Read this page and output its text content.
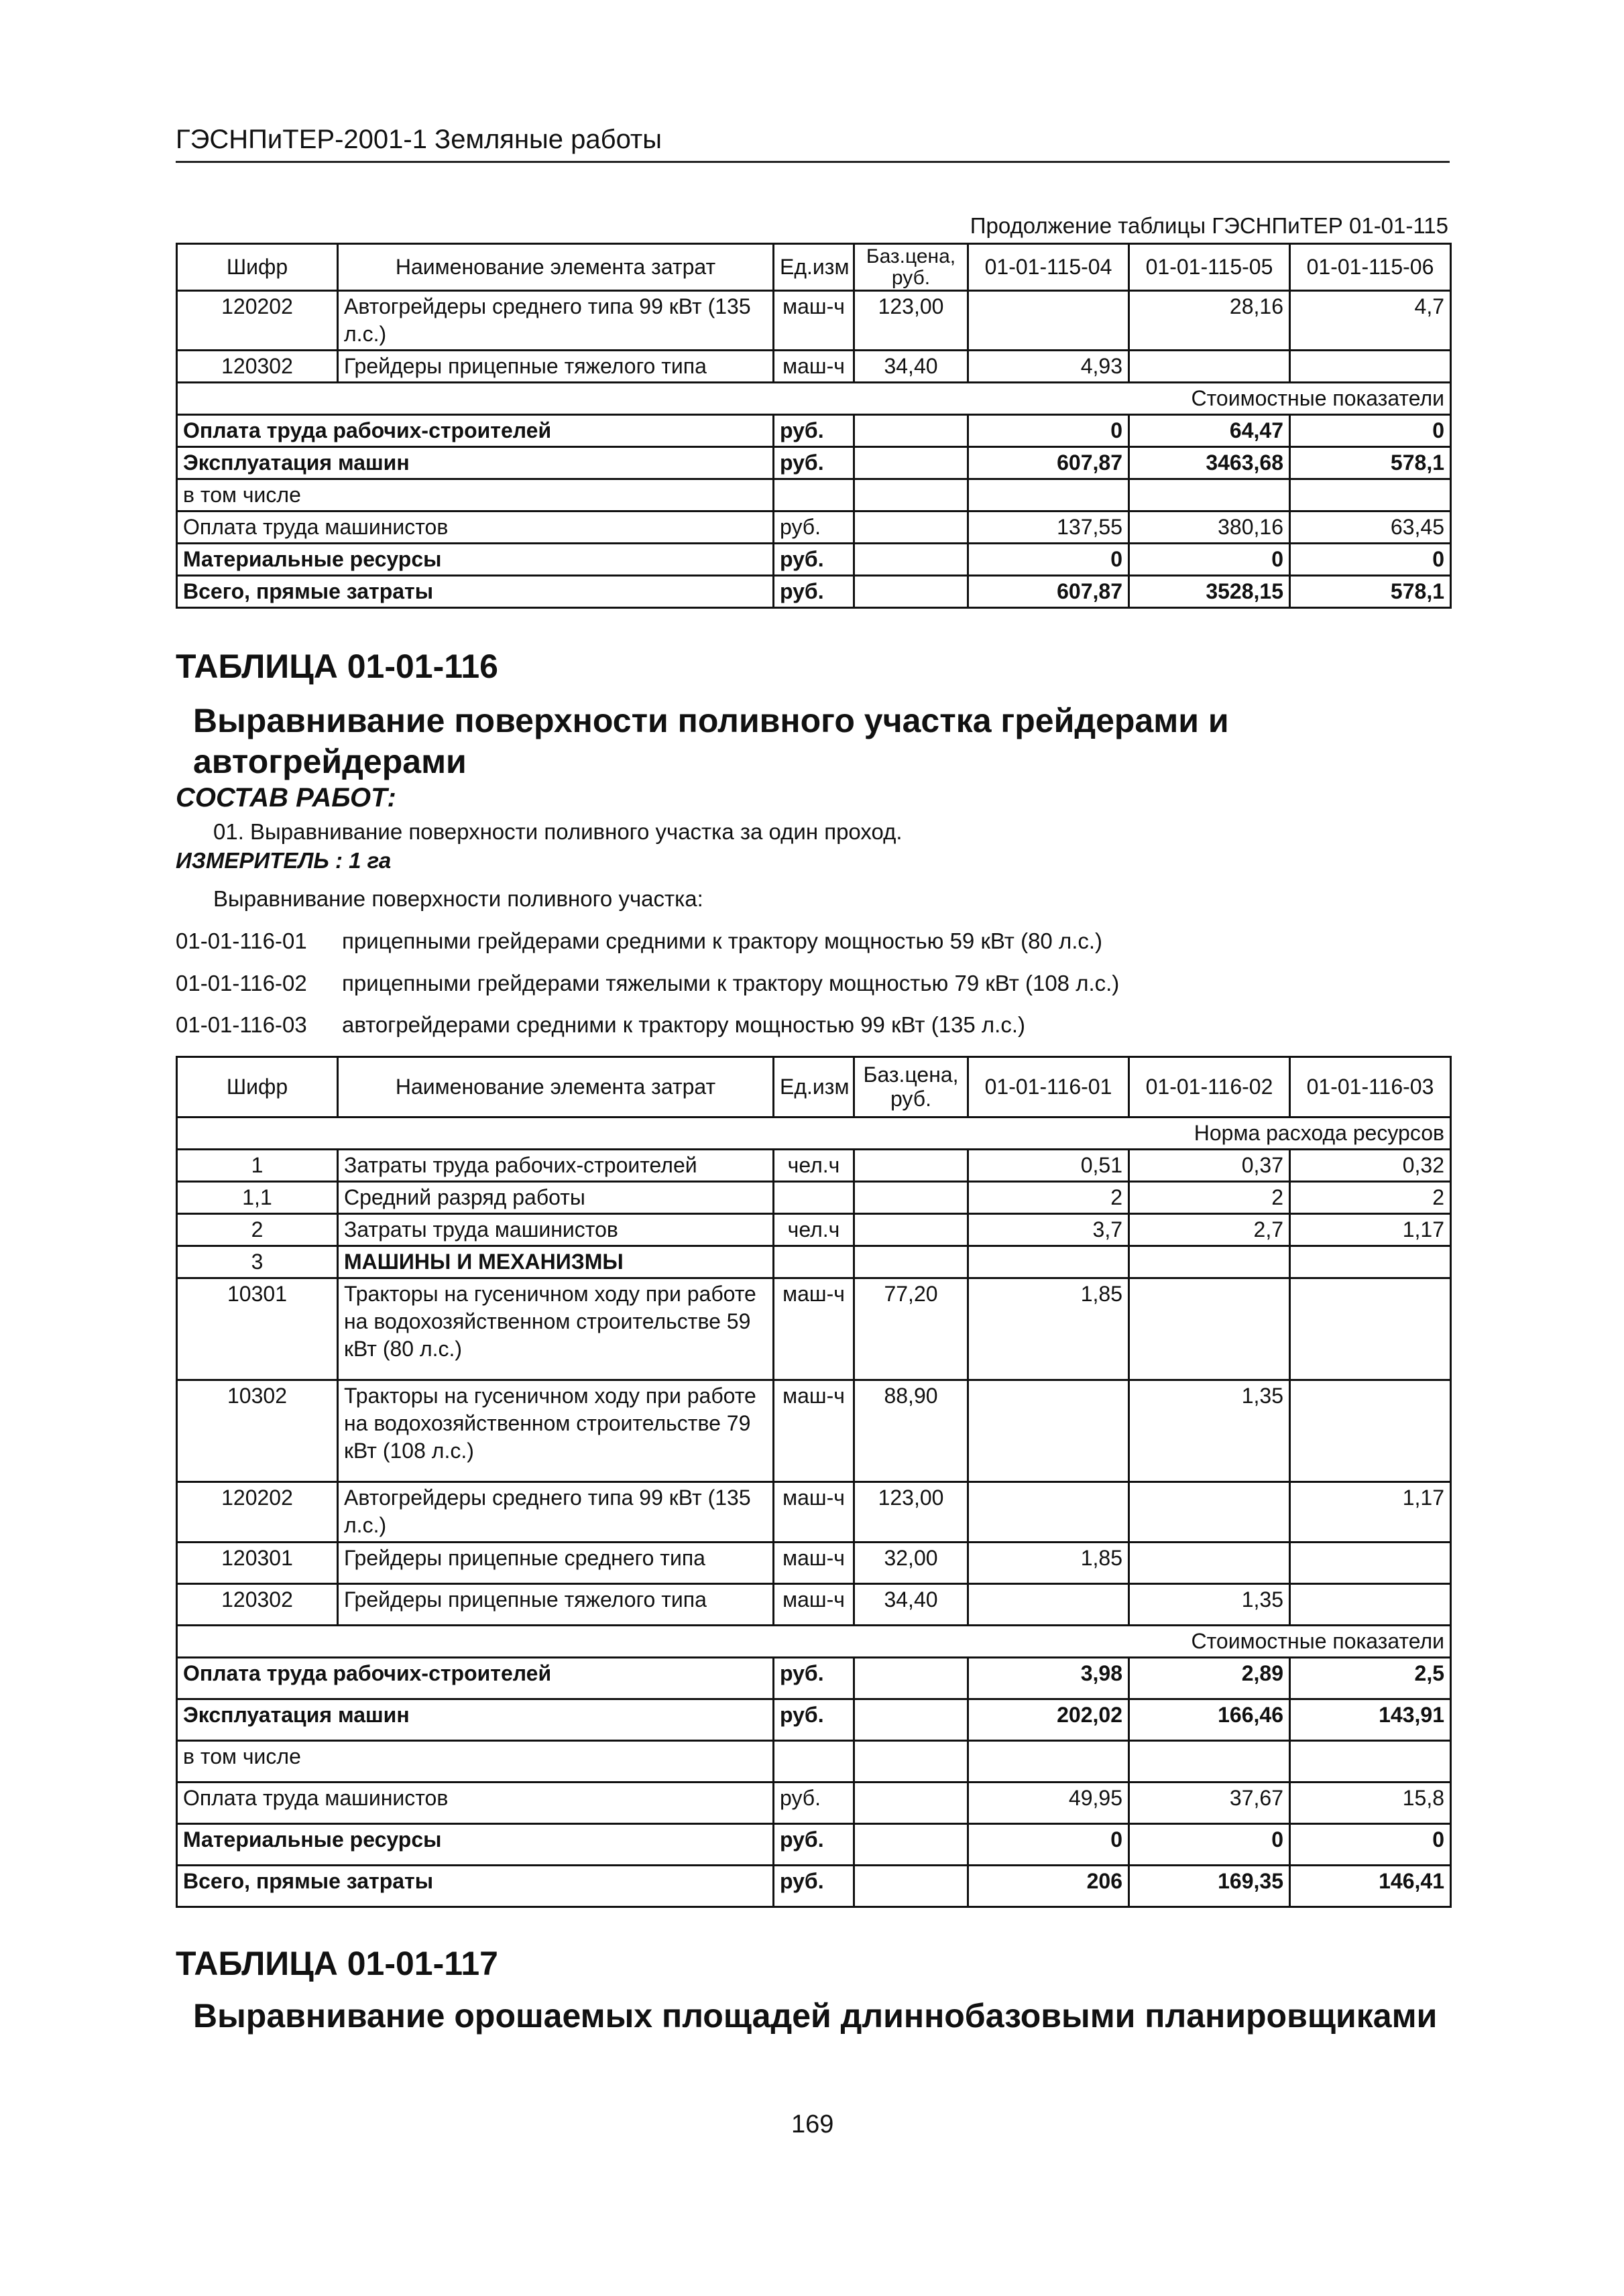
ГЭСНПиТЕР-2001-1 Земляные работы
Продолжение таблицы ГЭСНПиТЕР 01-01-115
Шифр	Наименование элемента затрат	Ед.изм	Баз.цена, руб.	01-01-115-04	01-01-115-05	01-01-115-06
120202	Автогрейдеры среднего типа 99 кВт (135 л.с.)	маш-ч	123,00		28,16	4,7
120302	Грейдеры прицепные тяжелого типа	маш-ч	34,40	4,93		
Стоимостные показатели						
Оплата труда рабочих-строителей		руб.		0	64,47	0
Эксплуатация машин		руб.		607,87	3463,68	578,1
в том числе						
Оплата труда машинистов		руб.		137,55	380,16	63,45
Материальные ресурсы		руб.		0	0	0
Всего, прямые затраты		руб.		607,87	3528,15	578,1
ТАБЛИЦА 01-01-116
Выравнивание поверхности поливного участка грейдерами и автогрейдерами
СОСТАВ РАБОТ:
01. Выравнивание поверхности поливного участка за один проход.
ИЗМЕРИТЕЛЬ : 1 га
Выравнивание поверхности поливного участка:
01-01-116-01 прицепными грейдерами средними к трактору мощностью 59 кВт (80 л.с.)
01-01-116-02 прицепными грейдерами тяжелыми к трактору мощностью 79 кВт (108 л.с.)
01-01-116-03 автогрейдерами средними к трактору мощностью 99 кВт (135 л.с.)
Шифр	Наименование элемента затрат	Ед.изм	Баз.цена, руб.	01-01-116-01	01-01-116-02	01-01-116-03
Норма расхода ресурсов						
1	Затраты труда рабочих-строителей	чел.ч		0,51	0,37	0,32
1,1	Средний разряд работы			2	2	2
2	Затраты труда машинистов	чел.ч		3,7	2,7	1,17
3	МАШИНЫ И МЕХАНИЗМЫ					
10301	Тракторы на гусеничном ходу при работе на водохозяйственном строительстве 59 кВт (80 л.с.)	маш-ч	77,20	1,85		
10302	Тракторы на гусеничном ходу при работе на водохозяйственном строительстве 79 кВт (108 л.с.)	маш-ч	88,90		1,35	
120202	Автогрейдеры среднего типа 99 кВт (135 л.с.)	маш-ч	123,00			1,17
120301	Грейдеры прицепные среднего типа	маш-ч	32,00	1,85		
120302	Грейдеры прицепные тяжелого типа	маш-ч	34,40		1,35	
Стоимостные показатели						
Оплата труда рабочих-строителей		руб.		3,98	2,89	2,5
Эксплуатация машин		руб.		202,02	166,46	143,91
в том числе						
Оплата труда машинистов		руб.		49,95	37,67	15,8
Материальные ресурсы		руб.		0	0	0
Всего, прямые затраты		руб.		206	169,35	146,41
ТАБЛИЦА 01-01-117
Выравнивание орошаемых площадей длиннобазовыми планировщиками
169
